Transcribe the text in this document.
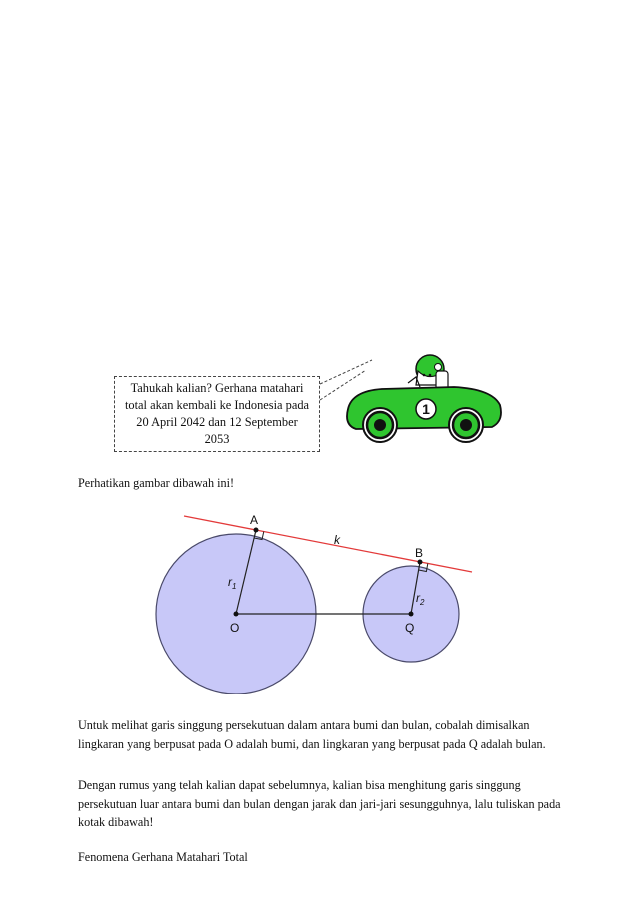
Tahukah kalian? Gerhana matahari total akan kembali ke Indonesia pada 20 April 2042 dan 12 September 2053
1
Perhatikan gambar dibawah ini!
A
B
k
O	Q
$r_1$
$r_2$

Untuk melihat garis singgung persekutuan dalam antara bumi dan bulan, cobalah dimisalkan lingkaran yang berpusat pada O adalah bumi, dan lingkaran yang berpusat pada Q adalah bulan.

Dengan rumus yang telah kalian dapat sebelumnya, kalian bisa menghitung garis singgung persekutuan luar antara bumi dan bulan dengan jarak dan jari-jari sesungguhnya, lalu tuliskan pada kotak dibawah!

Fenomena Gerhana Matahari Total
